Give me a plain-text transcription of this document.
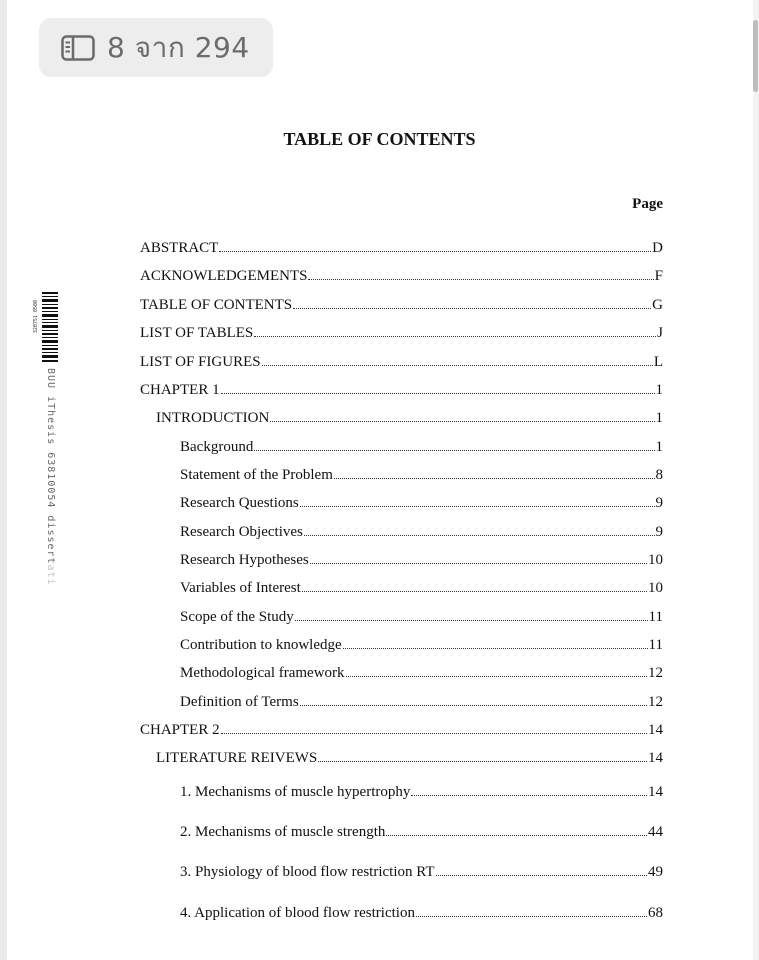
8 จาก 294
TABLE OF CONTENTS
Page
320751 0500
BUU iThesis 63810054 dissertati
ABSTRACT	D
ACKNOWLEDGEMENTS	F
TABLE OF CONTENTS	G
LIST OF TABLES	J
LIST OF FIGURES	L
CHAPTER 1	1
INTRODUCTION	1
Background	1
Statement of the Problem	8
Research Questions	9
Research Objectives	9
Research Hypotheses	10
Variables of Interest	10
Scope of the Study	11
Contribution to knowledge	11
Methodological framework	12
Definition of Terms	12
CHAPTER 2	14
LITERATURE REIVEWS	14
1. Mechanisms of muscle hypertrophy	14
2. Mechanisms of muscle strength	44
3. Physiology of blood flow restriction RT	49
4. Application of blood flow restriction	68
